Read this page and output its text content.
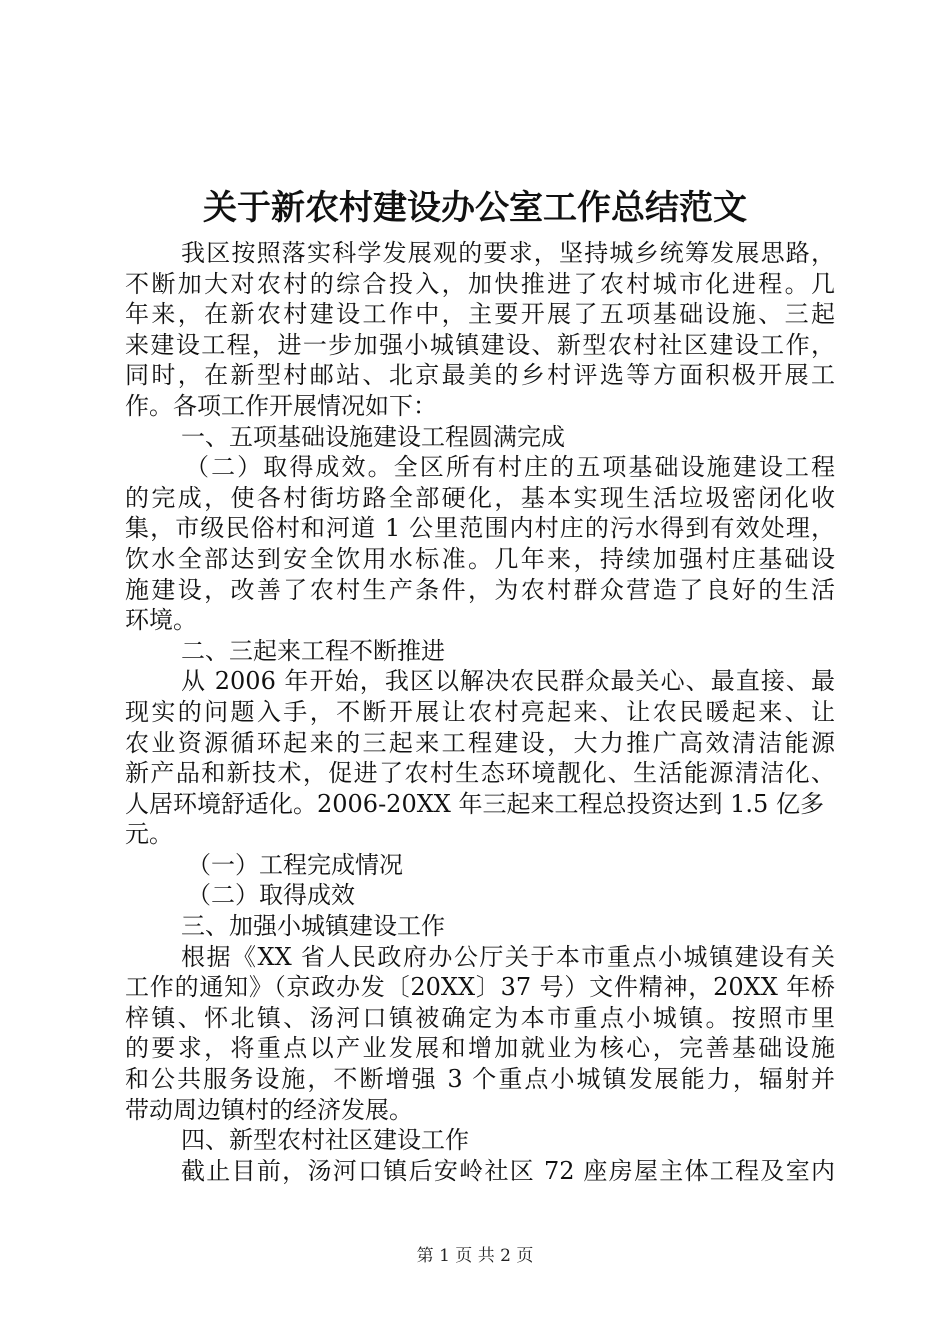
关于新农村建设办公室工作总结范文
我区按照落实科学发展观的要求，坚持城乡统筹发展思路，
不断加大对农村的综合投入，加快推进了农村城市化进程。几
年来，在新农村建设工作中，主要开展了五项基础设施、三起
来建设工程，进一步加强小城镇建设、新型农村社区建设工作，
同时，在新型村邮站、北京最美的乡村评选等方面积极开展工
作。各项工作开展情况如下：
一、五项基础设施建设工程圆满完成
（二）取得成效。全区所有村庄的五项基础设施建设工程
的完成，使各村街坊路全部硬化，基本实现生活垃圾密闭化收
集，市级民俗村和河道 1 公里范围内村庄的污水得到有效处理，
饮水全部达到安全饮用水标准。几年来，持续加强村庄基础设
施建设，改善了农村生产条件，为农村群众营造了良好的生活
环境。
二、三起来工程不断推进
从 2006 年开始，我区以解决农民群众最关心、最直接、最
现实的问题入手，不断开展让农村亮起来、让农民暖起来、让
农业资源循环起来的三起来工程建设，大力推广高效清洁能源
新产品和新技术，促进了农村生态环境靓化、生活能源清洁化、
人居环境舒适化。2006-20XX 年三起来工程总投资达到 1.5 亿多
元。
（一）工程完成情况
（二）取得成效
三、加强小城镇建设工作
根据《XX 省人民政府办公厅关于本市重点小城镇建设有关
工作的通知》（京政办发〔20XX〕37 号）文件精神，20XX 年桥
梓镇、怀北镇、汤河口镇被确定为本市重点小城镇。按照市里
的要求，将重点以产业发展和增加就业为核心，完善基础设施
和公共服务设施，不断增强 3 个重点小城镇发展能力，辐射并
带动周边镇村的经济发展。
四、新型农村社区建设工作
截止目前，汤河口镇后安岭社区 72 座房屋主体工程及室内
第 1 页 共 2 页
